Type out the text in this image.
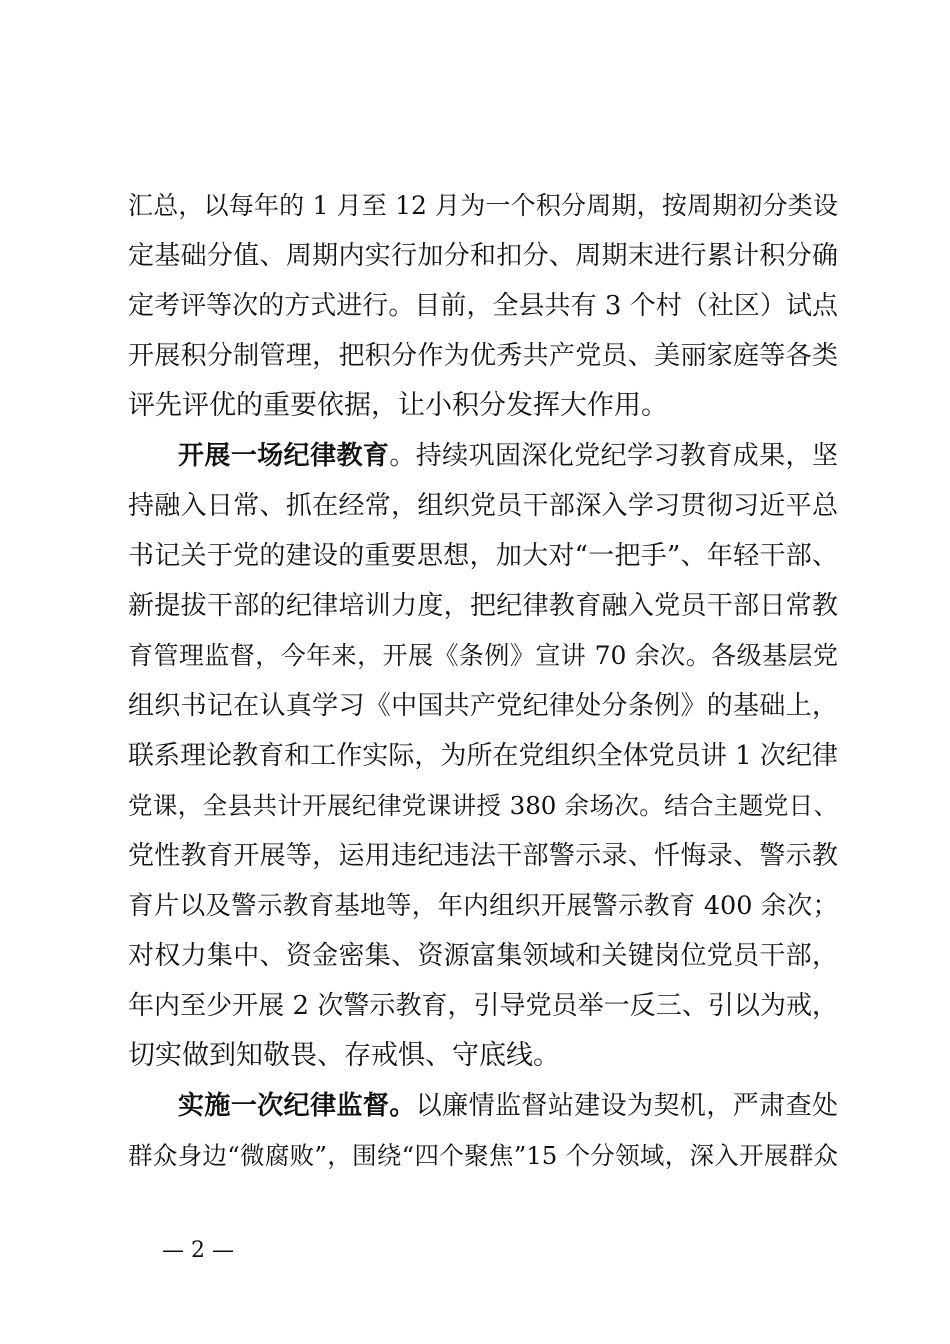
汇总，以每年的 1 月至 12 月为一个积分周期，按周期初分类设
定基础分值、周期内实行加分和扣分、周期末进行累计积分确
定考评等次的方式进行。目前，全县共有 3 个村（社区）试点
开展积分制管理，把积分作为优秀共产党员、美丽家庭等各类
评先评优的重要依据，让小积分发挥大作用。
开展一场纪律教育。持续巩固深化党纪学习教育成果，坚
持融入日常、抓在经常，组织党员干部深入学习贯彻习近平总
书记关于党的建设的重要思想，加大对“一把手”、年轻干部、
新提拔干部的纪律培训力度，把纪律教育融入党员干部日常教
育管理监督，今年来，开展《条例》宣讲 70 余次。各级基层党
组织书记在认真学习《中国共产党纪律处分条例》的基础上，
联系理论教育和工作实际，为所在党组织全体党员讲 1 次纪律
党课，全县共计开展纪律党课讲授 380 余场次。结合主题党日、
党性教育开展等，运用违纪违法干部警示录、忏悔录、警示教
育片以及警示教育基地等，年内组织开展警示教育 400 余次；
对权力集中、资金密集、资源富集领域和关键岗位党员干部，
年内至少开展 2 次警示教育，引导党员举一反三、引以为戒，
切实做到知敬畏、存戒惧、守底线。
实施一次纪律监督。以廉情监督站建设为契机，严肃查处
群众身边“微腐败”，围绕“四个聚焦”15 个分领域，深入开展群众
— 2 —
